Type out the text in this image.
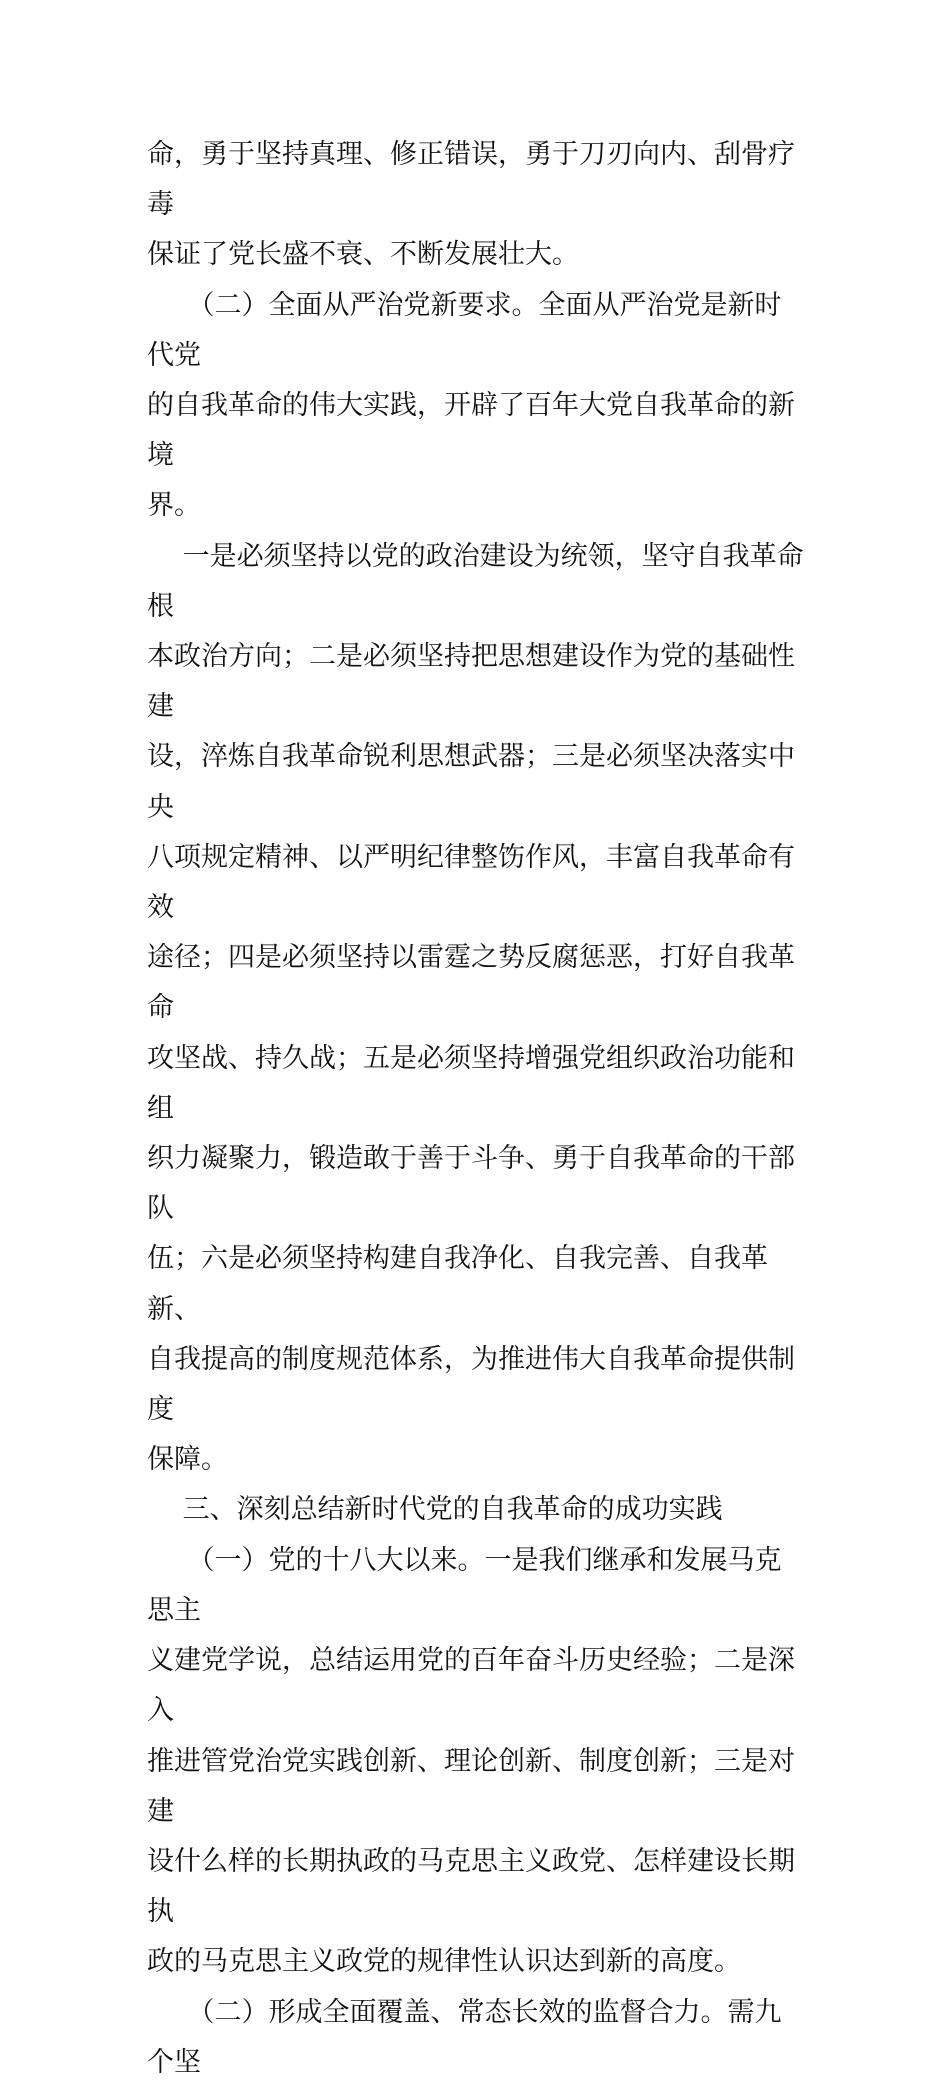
命，勇于坚持真理、修正错误，勇于刀刃向内、刮骨疗毒
保证了党长盛不衰、不断发展壮大。

　　（二）全面从严治党新要求。全面从严治党是新时代党
的自我革命的伟大实践，开辟了百年大党自我革命的新境
界。

　 一是必须坚持以党的政治建设为统领，坚守自我革命根
本政治方向；二是必须坚持把思想建设作为党的基础性建
设，淬炼自我革命锐利思想武器；三是必须坚决落实中央
八项规定精神、以严明纪律整饬作风，丰富自我革命有效
途径；四是必须坚持以雷霆之势反腐惩恶，打好自我革命
攻坚战、持久战；五是必须坚持增强党组织政治功能和组
织力凝聚力，锻造敢于善于斗争、勇于自我革命的干部队
伍；六是必须坚持构建自我净化、自我完善、自我革新、
自我提高的制度规范体系，为推进伟大自我革命提供制度
保障。

　 三、深刻总结新时代党的自我革命的成功实践

　　（一）党的十八大以来。一是我们继承和发展马克思主
义建党学说，总结运用党的百年奋斗历史经验；二是深入
推进管党治党实践创新、理论创新、制度创新；三是对建
设什么样的长期执政的马克思主义政党、怎样建设长期执
政的马克思主义政党的规律性认识达到新的高度。

　　（二）形成全面覆盖、常态长效的监督合力。需九个坚
